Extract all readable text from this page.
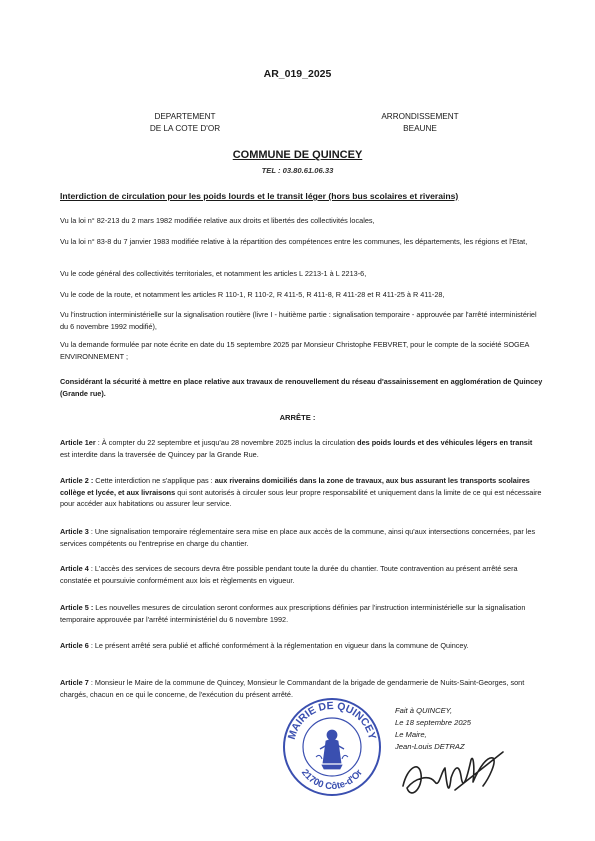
AR_019_2025
DEPARTEMENT
DE LA COTE D'OR
ARRONDISSEMENT
BEAUNE
COMMUNE DE QUINCEY
TEL : 03.80.61.06.33
Interdiction de circulation pour les poids lourds et le transit léger (hors bus scolaires et riverains)
Vu la loi n° 82-213 du 2 mars 1982 modifiée relative aux droits et libertés des collectivités locales,
Vu la loi n° 83-8 du 7 janvier 1983 modifiée relative à la répartition des compétences entre les communes, les départements, les régions et l'Etat,
Vu le code général des collectivités territoriales, et notamment les articles L 2213-1 à L 2213-6,
Vu le code de la route, et notamment les articles R 110-1, R 110-2, R 411-5, R 411-8, R 411-28 et R 411-25 à R 411-28,
Vu l'instruction interministérielle sur la signalisation routière (livre I - huitième partie : signalisation temporaire - approuvée par l'arrêté interministériel du 6 novembre 1992 modifié),
Vu la demande formulée par note écrite en date du 15 septembre 2025 par Monsieur Christophe FEBVRET, pour le compte de la société SOGEA ENVIRONNEMENT ;
Considérant la sécurité à mettre en place relative aux travaux de renouvellement du réseau d'assainissement en agglomération de Quincey (Grande rue).
ARRÊTE :
Article 1er : À compter du 22 septembre et jusqu'au 28 novembre 2025 inclus la circulation des poids lourds et des véhicules légers en transit est interdite dans la traversée de Quincey par la Grande Rue.
Article 2 : Cette interdiction ne s'applique pas : aux riverains domiciliés dans la zone de travaux, aux bus assurant les transports scolaires collège et lycée, et aux livraisons qui sont autorisés à circuler sous leur propre responsabilité et uniquement dans la limite de ce qui est nécessaire pour accéder aux habitations ou assurer leur service.
Article 3 : Une signalisation temporaire réglementaire sera mise en place aux accès de la commune, ainsi qu'aux intersections concernées, par les services compétents ou l'entreprise en charge du chantier.
Article 4 : L'accès des services de secours devra être possible pendant toute la durée du chantier. Toute contravention au présent arrêté sera constatée et poursuivie conformément aux lois et règlements en vigueur.
Article 5 : Les nouvelles mesures de circulation seront conformes aux prescriptions définies par l'instruction interministérielle sur la signalisation temporaire approuvée par l'arrêté interministériel du 6 novembre 1992.
Article 6 : Le présent arrêté sera publié et affiché conformément à la réglementation en vigueur dans la commune de Quincey.
Article 7 : Monsieur le Maire de la commune de Quincey, Monsieur le Commandant de la brigade de gendarmerie de Nuits-Saint-Georges, sont chargés, chacun en ce qui le concerne, de l'exécution du présent arrêté.
MAIRIE DE QUINCEY
21700 Côte-d'Or
Fait à QUINCEY,
Le 18 septembre 2025
Le Maire,
Jean-Louis DETRAZ
